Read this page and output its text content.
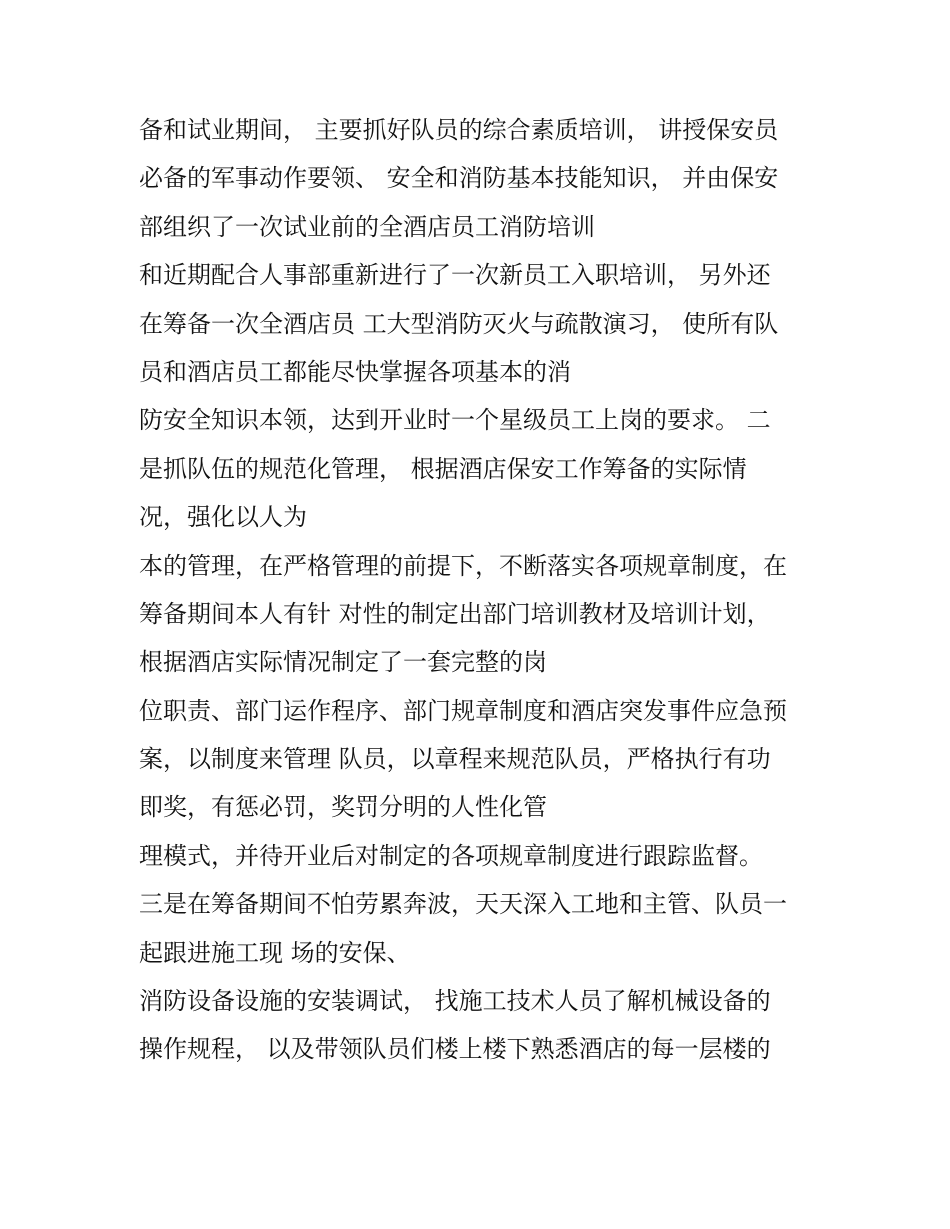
备和试业期间， 主要抓好队员的综合素质培训， 讲授保安员
必备的军事动作要领、 安全和消防基本技能知识， 并由保安
部组织了一次试业前的全酒店员工消防培训
和近期配合人事部重新进行了一次新员工入职培训， 另外还
在筹备一次全酒店员 工大型消防灭火与疏散演习， 使所有队
员和酒店员工都能尽快掌握各项基本的消
防安全知识本领，达到开业时一个星级员工上岗的要求。 二
是抓队伍的规范化管理， 根据酒店保安工作筹备的实际情
况，强化以人为
本的管理，在严格管理的前提下，不断落实各项规章制度，在
筹备期间本人有针 对性的制定出部门培训教材及培训计划，
根据酒店实际情况制定了一套完整的岗
位职责、部门运作程序、部门规章制度和酒店突发事件应急预
案，以制度来管理 队员，以章程来规范队员，严格执行有功
即奖，有惩必罚，奖罚分明的人性化管
理模式，并待开业后对制定的各项规章制度进行跟踪监督。
三是在筹备期间不怕劳累奔波，天天深入工地和主管、队员一
起跟进施工现 场的安保、
消防设备设施的安装调试， 找施工技术人员了解机械设备的
操作规程， 以及带领队员们楼上楼下熟悉酒店的每一层楼的
